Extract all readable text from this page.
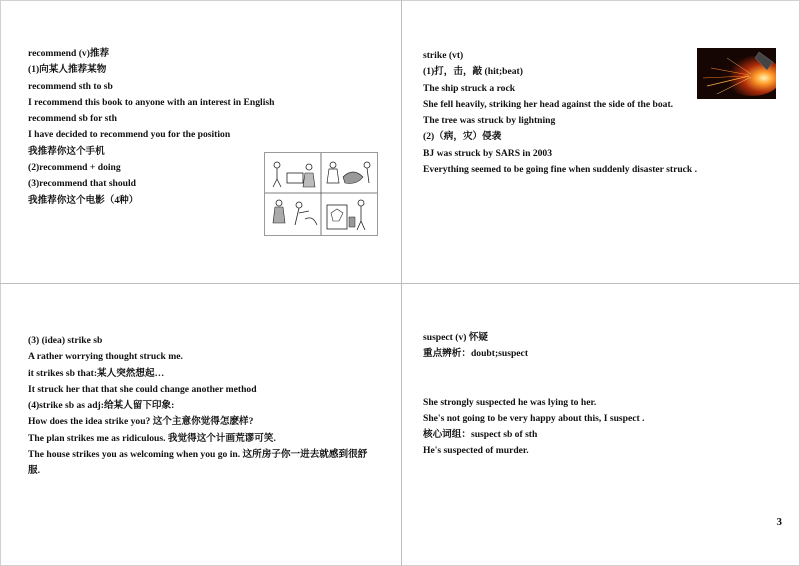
recommend (v)推荐
(1)向某人推荐某物
recommend sth to sb
I recommend this book to anyone with an interest in English
recommend sb for sth
I have decided to recommend you for the position
我推荐你这个手机
(2)recommend + doing
(3)recommend that should
我推荐你这个电影（4种）
strike (vt)
(1)打，击，敲 (hit;beat)
The ship struck a rock
She fell heavily, striking her head against the side of the boat.
The tree was struck by lightning
(2)（病，灾）侵袭
BJ was struck by SARS in 2003
Everything seemed to be going fine when suddenly disaster struck .
(3) (idea) strike sb
A rather worrying thought struck me.
it strikes sb that:某人突然想起…
It struck her that that she could change another method
(4)strike sb as adj:给某人留下印象:
How does the idea strike you? 这个主意你觉得怎麽样?
The plan strikes me as ridiculous. 我觉得这个计画荒谬可笑.
The house strikes you as welcoming when you go in. 这所房子你一进去就感到很舒服.
suspect (v) 怀疑
重点辨析：doubt;suspect
She strongly suspected he was lying to her.
She's not going to be very happy about this, I suspect .
核心词组：suspect sb of sth
He's suspected of murder.
3
